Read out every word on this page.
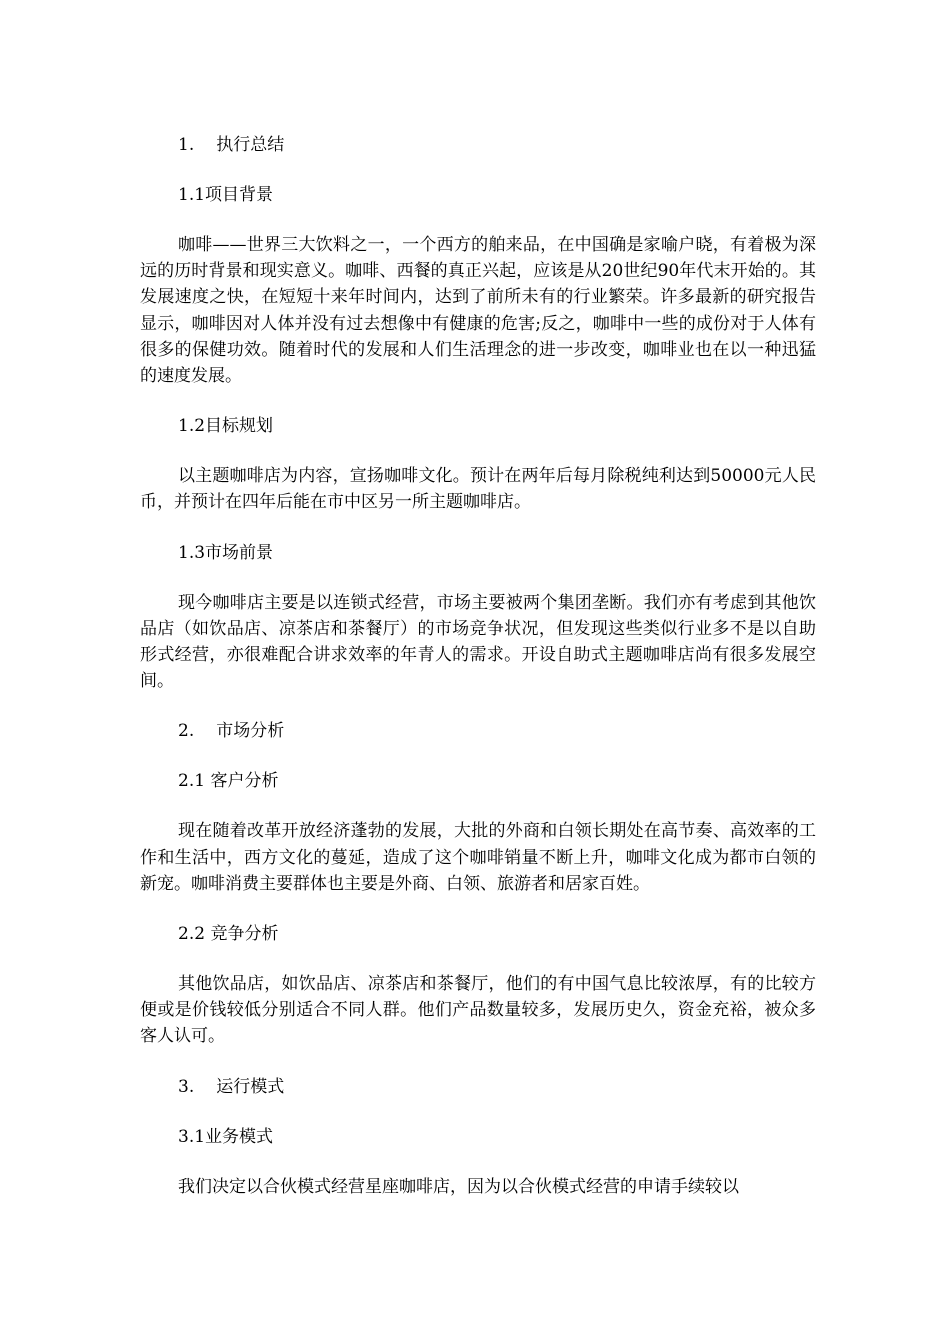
1. 执行总结
1.1项目背景

咖啡——世界三大饮料之一，一个西方的舶来品，在中国确是家喻户晓，有着极为深远的历时背景和现实意义。咖啡、西餐的真正兴起，应该是从20世纪90年代末开始的。其发展速度之快，在短短十来年时间内，达到了前所未有的行业繁荣。许多最新的研究报告显示，咖啡因对人体并没有过去想像中有健康的危害;反之，咖啡中一些的成份对于人体有很多的保健功效。随着时代的发展和人们生活理念的进一步改变，咖啡业也在以一种迅猛的速度发展。

1.2目标规划

以主题咖啡店为内容，宣扬咖啡文化。预计在两年后每月除税纯利达到50000元人民币，并预计在四年后能在市中区另一所主题咖啡店。

1.3市场前景

现今咖啡店主要是以连锁式经营，市场主要被两个集团垄断。我们亦有考虑到其他饮品店（如饮品店、凉茶店和茶餐厅）的市场竞争状况，但发现这些类似行业多不是以自助形式经营，亦很难配合讲求效率的年青人的需求。开设自助式主题咖啡店尚有很多发展空间。

2. 市场分析
2.1 客户分析

现在随着改革开放经济蓬勃的发展，大批的外商和白领长期处在高节奏、高效率的工作和生活中，西方文化的蔓延，造成了这个咖啡销量不断上升，咖啡文化成为都市白领的新宠。咖啡消费主要群体也主要是外商、白领、旅游者和居家百姓。

2.2 竞争分析

其他饮品店，如饮品店、凉茶店和茶餐厅，他们的有中国气息比较浓厚，有的比较方便或是价钱较低分别适合不同人群。他们产品数量较多，发展历史久，资金充裕，被众多客人认可。

3. 运行模式
3.1业务模式

我们决定以合伙模式经营星座咖啡店，因为以合伙模式经营的申请手续较以
